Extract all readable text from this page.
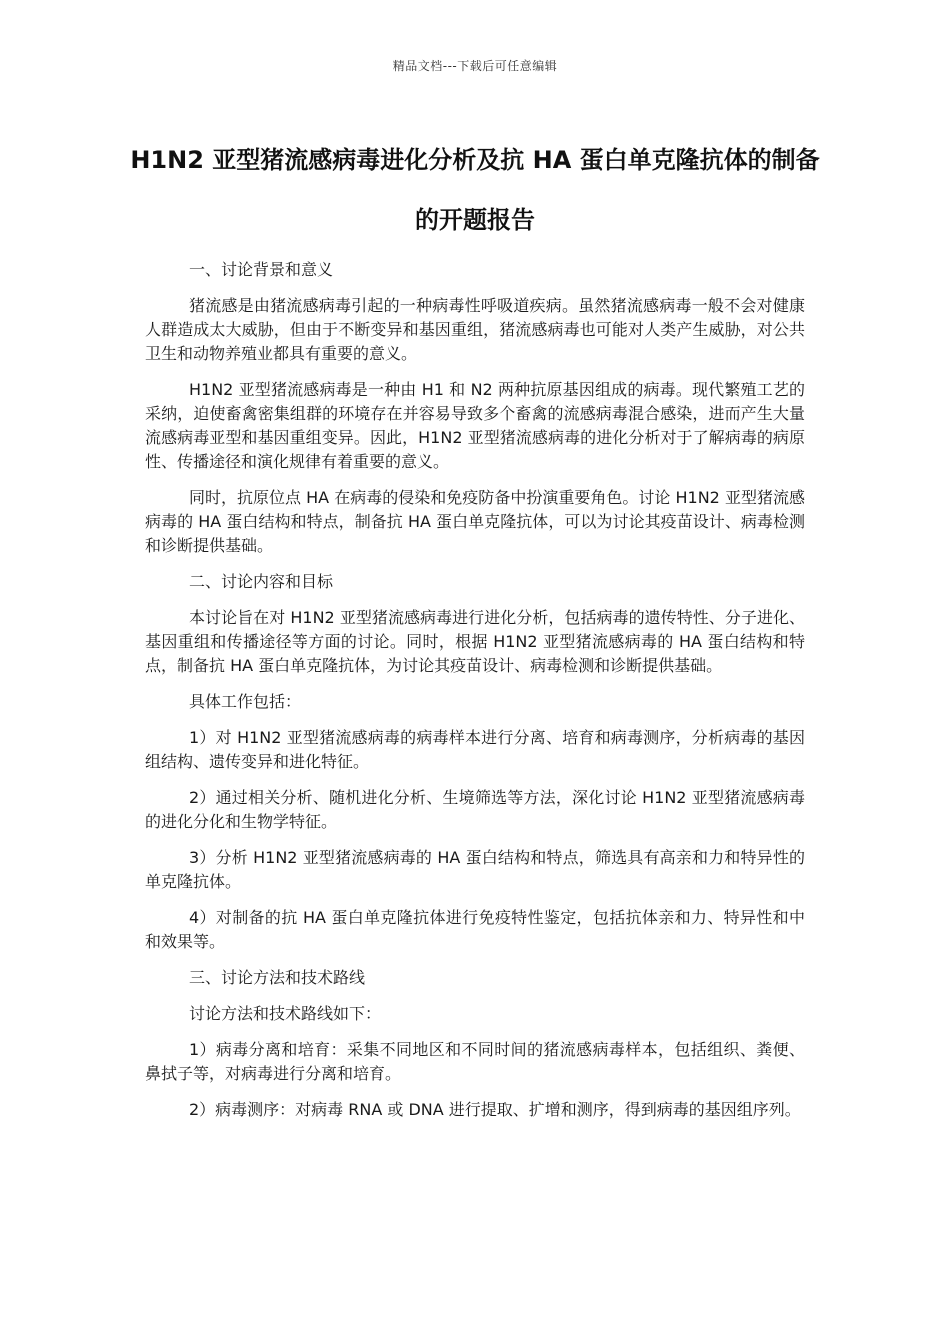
精品文档---下载后可任意编辑
H1N2 亚型猪流感病毒进化分析及抗 HA 蛋白单克隆抗体的制备的开题报告

一、讨论背景和意义

猪流感是由猪流感病毒引起的一种病毒性呼吸道疾病。虽然猪流感病毒一般不会对健康人群造成太大威胁，但由于不断变异和基因重组，猪流感病毒也可能对人类产生威胁，对公共卫生和动物养殖业都具有重要的意义。

H1N2 亚型猪流感病毒是一种由 H1 和 N2 两种抗原基因组成的病毒。现代繁殖工艺的采纳，迫使畜禽密集组群的环境存在并容易导致多个畜禽的流感病毒混合感染，进而产生大量流感病毒亚型和基因重组变异。因此，H1N2 亚型猪流感病毒的进化分析对于了解病毒的病原性、传播途径和演化规律有着重要的意义。

同时，抗原位点 HA 在病毒的侵染和免疫防备中扮演重要角色。讨论 H1N2 亚型猪流感病毒的 HA 蛋白结构和特点，制备抗 HA 蛋白单克隆抗体，可以为讨论其疫苗设计、病毒检测和诊断提供基础。

二、讨论内容和目标

本讨论旨在对 H1N2 亚型猪流感病毒进行进化分析，包括病毒的遗传特性、分子进化、基因重组和传播途径等方面的讨论。同时，根据 H1N2 亚型猪流感病毒的 HA 蛋白结构和特点，制备抗 HA 蛋白单克隆抗体，为讨论其疫苗设计、病毒检测和诊断提供基础。

具体工作包括：

1）对 H1N2 亚型猪流感病毒的病毒样本进行分离、培育和病毒测序，分析病毒的基因组结构、遗传变异和进化特征。

2）通过相关分析、随机进化分析、生境筛选等方法，深化讨论 H1N2 亚型猪流感病毒的进化分化和生物学特征。

3）分析 H1N2 亚型猪流感病毒的 HA 蛋白结构和特点，筛选具有高亲和力和特异性的单克隆抗体。

4）对制备的抗 HA 蛋白单克隆抗体进行免疫特性鉴定，包括抗体亲和力、特异性和中和效果等。

三、讨论方法和技术路线

讨论方法和技术路线如下：

1）病毒分离和培育：采集不同地区和不同时间的猪流感病毒样本，包括组织、粪便、鼻拭子等，对病毒进行分离和培育。

2）病毒测序：对病毒 RNA 或 DNA 进行提取、扩增和测序，得到病毒的基因组序列。
